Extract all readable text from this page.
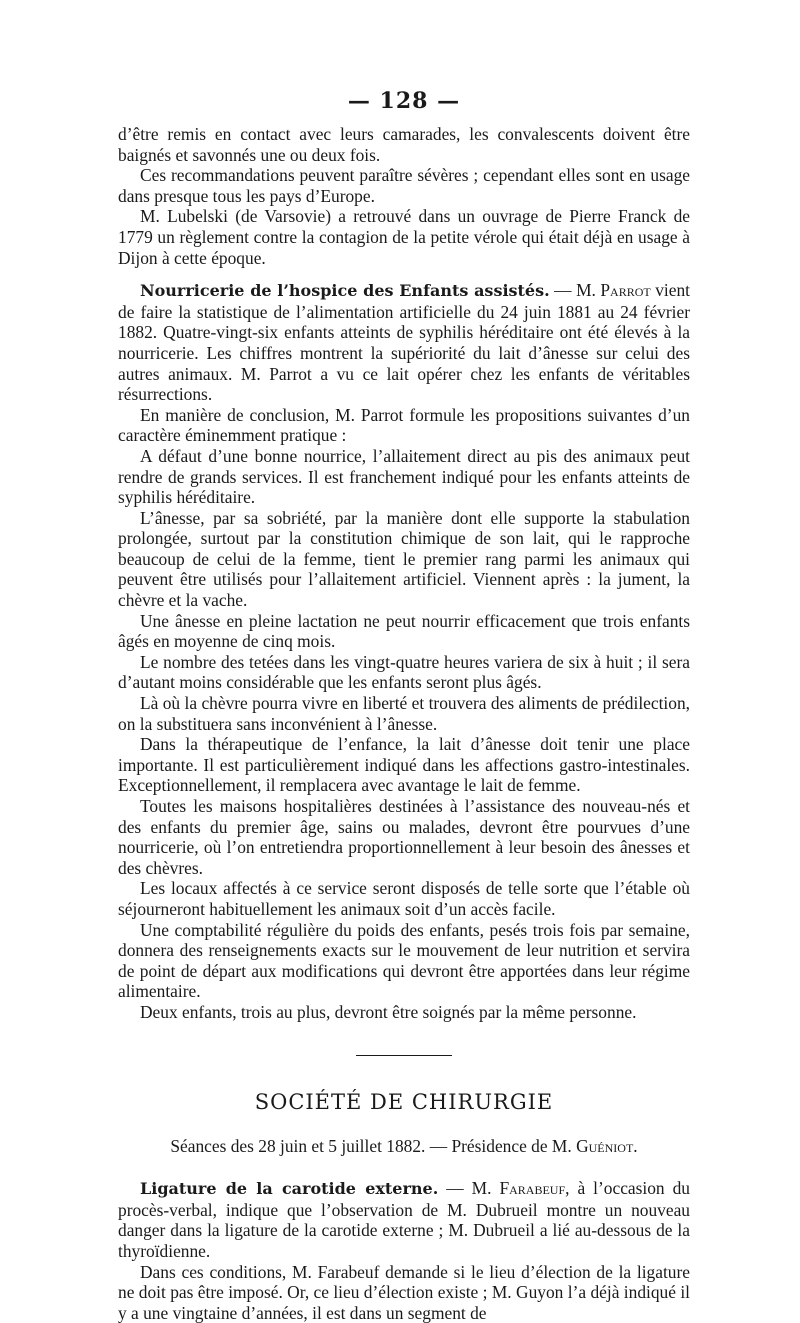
— 128 —

d’être remis en contact avec leurs camarades, les convalescents doivent être baignés et savonnés une ou deux fois.

Ces recommandations peuvent paraître sévères ; cependant elles sont en usage dans presque tous les pays d’Europe.

M. Lubelski (de Varsovie) a retrouvé dans un ouvrage de Pierre Franck de 1779 un règlement contre la contagion de la petite vérole qui était déjà en usage à Dijon à cette époque.

Nourricerie de l’hospice des Enfants assistés. — M. Parrot vient de faire la statistique de l’alimentation artificielle du 24 juin 1881 au 24 février 1882. Quatre-vingt-six enfants atteints de syphilis héréditaire ont été élevés à la nourricerie. Les chiffres montrent la supériorité du lait d’ânesse sur celui des autres animaux. M. Parrot a vu ce lait opérer chez les enfants de véritables résurrections.

En manière de conclusion, M. Parrot formule les propositions suivantes d’un caractère éminemment pratique :

A défaut d’une bonne nourrice, l’allaitement direct au pis des animaux peut rendre de grands services. Il est franchement indiqué pour les enfants atteints de syphilis héréditaire.

L’ânesse, par sa sobriété, par la manière dont elle supporte la stabulation prolongée, surtout par la constitution chimique de son lait, qui le rapproche beaucoup de celui de la femme, tient le premier rang parmi les animaux qui peuvent être utilisés pour l’allaitement artificiel. Viennent après : la jument, la chèvre et la vache.

Une ânesse en pleine lactation ne peut nourrir efficacement que trois enfants âgés en moyenne de cinq mois.

Le nombre des tetées dans les vingt-quatre heures variera de six à huit ; il sera d’autant moins considérable que les enfants seront plus âgés.

Là où la chèvre pourra vivre en liberté et trouvera des aliments de prédilection, on la substituera sans inconvénient à l’ânesse.

Dans la thérapeutique de l’enfance, la lait d’ânesse doit tenir une place importante. Il est particulièrement indiqué dans les affections gastro-intestinales. Exceptionnellement, il remplacera avec avantage le lait de femme.

Toutes les maisons hospitalières destinées à l’assistance des nouveau-nés et des enfants du premier âge, sains ou malades, devront être pourvues d’une nourricerie, où l’on entretiendra proportionnellement à leur besoin des ânesses et des chèvres.

Les locaux affectés à ce service seront disposés de telle sorte que l’étable où séjourneront habituellement les animaux soit d’un accès facile.

Une comptabilité régulière du poids des enfants, pesés trois fois par semaine, donnera des renseignements exacts sur le mouvement de leur nutrition et servira de point de départ aux modifications qui devront être apportées dans leur régime alimentaire.

Deux enfants, trois au plus, devront être soignés par la même personne.

SOCIÉTÉ DE CHIRURGIE

Séances des 28 juin et 5 juillet 1882. — Présidence de M. Guéniot.

Ligature de la carotide externe. — M. Farabeuf, à l’occasion du procès-verbal, indique que l’observation de M. Dubrueil montre un nouveau danger dans la ligature de la carotide externe ; M. Dubrueil a lié au-dessous de la thyroïdienne.

Dans ces conditions, M. Farabeuf demande si le lieu d’élection de la ligature ne doit pas être imposé. Or, ce lieu d’élection existe ; M. Guyon l’a déjà indiqué il y a une vingtaine d’années, il est dans un segment de
